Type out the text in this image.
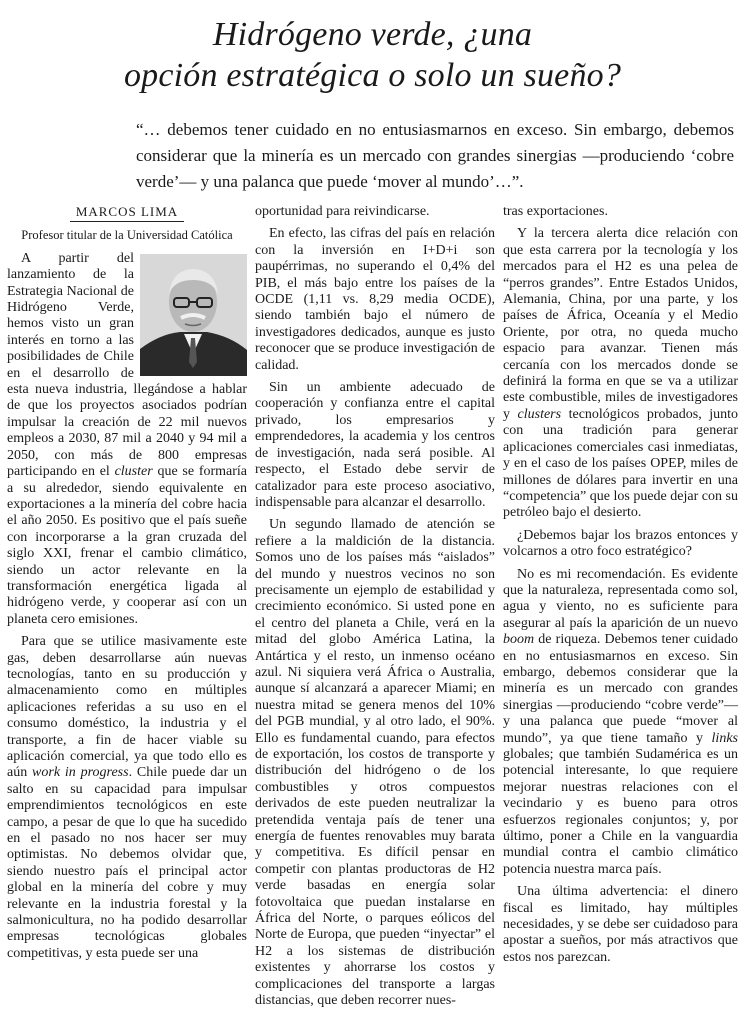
Hidrógeno verde, ¿una
opción estratégica o solo un sueño?
“… debemos tener cuidado en no entusiasmarnos en exceso. Sin embargo, debemos considerar que la minería es un mercado con grandes sinergias —produciendo ‘cobre verde’— y una palanca que puede ‘mover al mundo’…”.
MARCOS LIMA
Profesor titular de la Universidad Católica

A partir del lanzamiento de la Estrategia Nacional de Hidrógeno Verde, hemos visto un gran interés en torno a las posibilidades de Chile en el desarrollo de esta nueva industria, llegándose a hablar de que los proyectos asociados podrían impulsar la creación de 22 mil nuevos empleos a 2030, 87 mil a 2040 y 94 mil a 2050, con más de 800 empresas participando en el cluster que se formaría a su alrededor, siendo equivalente en exportaciones a la minería del cobre hacia el año 2050. Es positivo que el país sueñe con incorporarse a la gran cruzada del siglo XXI, frenar el cambio climático, siendo un actor relevante en la transformación energética ligada al hidrógeno verde, y cooperar así con un planeta cero emisiones.

Para que se utilice masivamente este gas, deben desarrollarse aún nuevas tecnologías, tanto en su producción y almacenamiento como en múltiples aplicaciones referidas a su uso en el consumo doméstico, la industria y el transporte, a fin de hacer viable su aplicación comercial, ya que todo ello es aún work in progress. Chile puede dar un salto en su capacidad para impulsar emprendimientos tecnológicos en este campo, a pesar de que lo que ha sucedido en el pasado no nos hacer ser muy optimistas. No debemos olvidar que, siendo nuestro país el principal actor global en la minería del cobre y muy relevante en la industria forestal y la salmonicultura, no ha podido desarrollar empresas tecnológicas globales competitivas, y esta puede ser una

oportunidad para reivindicarse.

En efecto, las cifras del país en relación con la inversión en I+D+i son paupérrimas, no superando el 0,4% del PIB, el más bajo entre los países de la OCDE (1,11 vs. 8,29 media OCDE), siendo también bajo el número de investigadores dedicados, aunque es justo reconocer que se produce investigación de calidad.

Sin un ambiente adecuado de cooperación y confianza entre el capital privado, los empresarios y emprendedores, la academia y los centros de investigación, nada será posible. Al respecto, el Estado debe servir de catalizador para este proceso asociativo, indispensable para alcanzar el desarrollo.

Un segundo llamado de atención se refiere a la maldición de la distancia. Somos uno de los países más “aislados” del mundo y nuestros vecinos no son precisamente un ejemplo de estabilidad y crecimiento económico. Si usted pone en el centro del planeta a Chile, verá en la mitad del globo América Latina, la Antártica y el resto, un inmenso océano azul. Ni siquiera verá África o Australia, aunque sí alcanzará a aparecer Miami; en nuestra mitad se genera menos del 10% del PGB mundial, y al otro lado, el 90%. Ello es fundamental cuando, para efectos de exportación, los costos de transporte y distribución del hidrógeno o de los combustibles y otros compuestos derivados de este pueden neutralizar la pretendida ventaja país de tener una energía de fuentes renovables muy barata y competitiva. Es difícil pensar en competir con plantas productoras de H2 verde basadas en energía solar fotovoltaica que puedan instalarse en África del Norte, o parques eólicos del Norte de Europa, que pueden “inyectar” el H2 a los sistemas de distribución existentes y ahorrarse los costos y complicaciones del transporte a largas distancias, que deben recorrer nues-

tras exportaciones.

Y la tercera alerta dice relación con que esta carrera por la tecnología y los mercados para el H2 es una pelea de “perros grandes”. Entre Estados Unidos, Alemania, China, por una parte, y los países de África, Oceanía y el Medio Oriente, por otra, no queda mucho espacio para avanzar. Tienen más cercanía con los mercados donde se definirá la forma en que se va a utilizar este combustible, miles de investigadores y clusters tecnológicos probados, junto con una tradición para generar aplicaciones comerciales casi inmediatas, y en el caso de los países OPEP, miles de millones de dólares para invertir en una “competencia” que los puede dejar con su petróleo bajo el desierto.

¿Debemos bajar los brazos entonces y volcarnos a otro foco estratégico?

No es mi recomendación. Es evidente que la naturaleza, representada como sol, agua y viento, no es suficiente para asegurar al país la aparición de un nuevo boom de riqueza. Debemos tener cuidado en no entusiasmarnos en exceso. Sin embargo, debemos considerar que la minería es un mercado con grandes sinergias —produciendo “cobre verde”— y una palanca que puede “mover al mundo”, ya que tiene tamaño y links globales; que también Sudamérica es un potencial interesante, lo que requiere mejorar nuestras relaciones con el vecindario y es bueno para otros esfuerzos regionales conjuntos; y, por último, poner a Chile en la vanguardia mundial contra el cambio climático potencia nuestra marca país.

Una última advertencia: el dinero fiscal es limitado, hay múltiples necesidades, y se debe ser cuidadoso para apostar a sueños, por más atractivos que estos nos parezcan.
